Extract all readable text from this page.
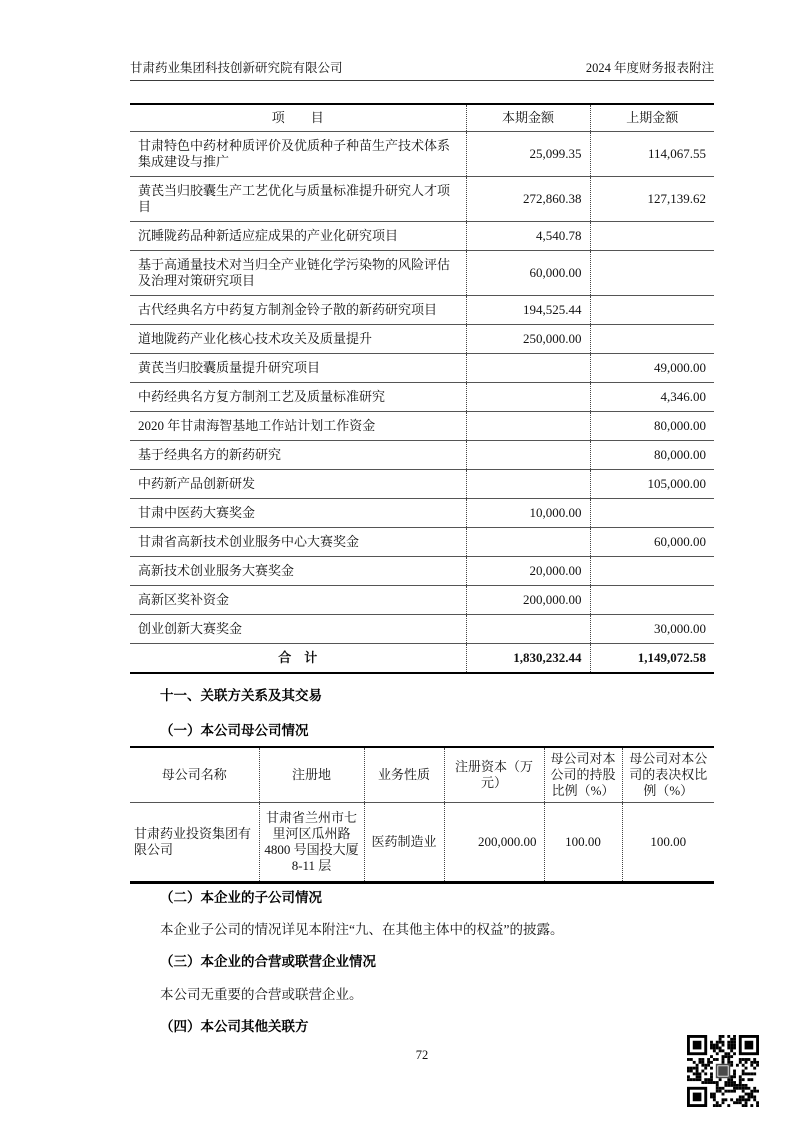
甘肃药业集团科技创新研究院有限公司	2024 年度财务报表附注
项　　目	本期金额	上期金额
甘肃特色中药材种质评价及优质种子种苗生产技术体系集成建设与推广	25,099.35	114,067.55
黄芪当归胶囊生产工艺优化与质量标准提升研究人才项目	272,860.38	127,139.62
沉睡陇药品种新适应症成果的产业化研究项目	4,540.78	
基于高通量技术对当归全产业链化学污染物的风险评估及治理对策研究项目	60,000.00	
古代经典名方中药复方制剂金铃子散的新药研究项目	194,525.44	
道地陇药产业化核心技术攻关及质量提升	250,000.00	
黄芪当归胶囊质量提升研究项目		49,000.00
中药经典名方复方制剂工艺及质量标准研究		4,346.00
2020 年甘肃海智基地工作站计划工作资金		80,000.00
基于经典名方的新药研究		80,000.00
中药新产品创新研发		105,000.00
甘肃中医药大赛奖金	10,000.00	
甘肃省高新技术创业服务中心大赛奖金		60,000.00
高新技术创业服务大赛奖金	20,000.00	
高新区奖补资金	200,000.00	
创业创新大赛奖金		30,000.00
合　计	1,830,232.44	1,149,072.58
十一、关联方关系及其交易
（一）本公司母公司情况
母公司名称	注册地	业务性质	注册资本（万元）	母公司对本公司的持股比例（%）	母公司对本公司的表决权比例（%）
甘肃药业投资集团有限公司	甘肃省兰州市七里河区瓜州路 4800 号国投大厦 8-11 层	医药制造业	200,000.00	100.00	100.00
（二）本企业的子公司情况
本企业子公司的情况详见本附注“九、在其他主体中的权益”的披露。
（三）本企业的合营或联营企业情况
本公司无重要的合营或联营企业。
（四）本公司其他关联方
72
